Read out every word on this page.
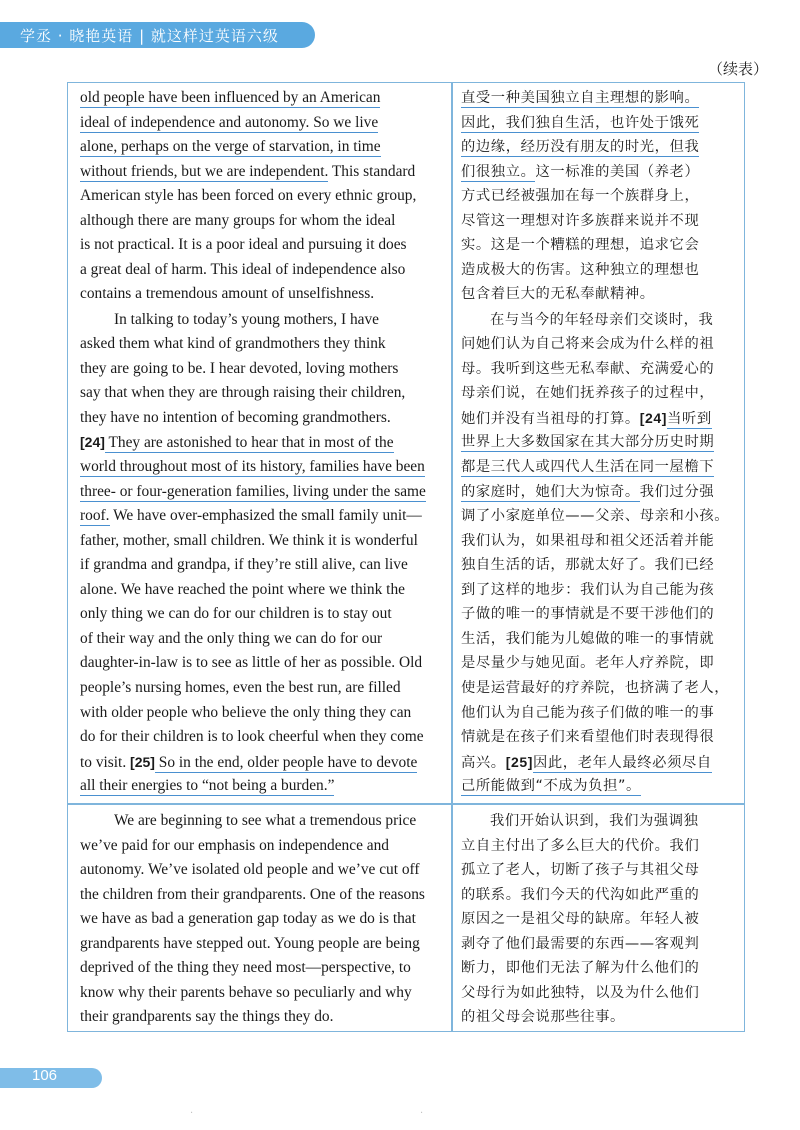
学丞 · 晓艳英语 | 就这样过英语六级
（续表）
old people have been influenced by an American
ideal of independence and autonomy. So we live
alone, perhaps on the verge of starvation, in time
without friends, but we are independent. This standard
American style has been forced on every ethnic group,
although there are many groups for whom the ideal
is not practical. It is a poor ideal and pursuing it does
a great deal of harm. This ideal of independence also
contains a tremendous amount of unselfishness.
In talking to today’s young mothers, I have
asked them what kind of grandmothers they think
they are going to be. I hear devoted, loving mothers
say that when they are through raising their children,
they have no intention of becoming grandmothers.
[24] They are astonished to hear that in most of the
world throughout most of its history, families have been
three- or four-generation families, living under the same
roof. We have over-emphasized the small family unit—
father, mother, small children. We think it is wonderful
if grandma and grandpa, if they’re still alive, can live
alone. We have reached the point where we think the
only thing we can do for our children is to stay out
of their way and the only thing we can do for our
daughter-in-law is to see as little of her as possible. Old
people’s nursing homes, even the best run, are filled
with older people who believe the only thing they can
do for their children is to look cheerful when they come
to visit. [25] So in the end, older people have to devote
all their energies to “not being a burden.”
We are beginning to see what a tremendous price
we’ve paid for our emphasis on independence and
autonomy. We’ve isolated old people and we’ve cut off
the children from their grandparents. One of the reasons
we have as bad a generation gap today as we do is that
grandparents have stepped out. Young people are being
deprived of the thing they need most—perspective, to
know why their parents behave so peculiarly and why
their grandparents say the things they do.
直受一种美国独立自主理想的影响。
因此，我们独自生活，也许处于饿死
的边缘，经历没有朋友的时光，但我
们很独立。这一标准的美国（养老）
方式已经被强加在每一个族群身上，
尽管这一理想对许多族群来说并不现
实。这是一个糟糕的理想，追求它会
造成极大的伤害。这种独立的理想也
包含着巨大的无私奉献精神。
在与当今的年轻母亲们交谈时，我
问她们认为自己将来会成为什么样的祖
母。我听到这些无私奉献、充满爱心的
母亲们说，在她们抚养孩子的过程中，
她们并没有当祖母的打算。[24]当听到
世界上大多数国家在其大部分历史时期
都是三代人或四代人生活在同一屋檐下
的家庭时，她们大为惊奇。我们过分强
调了小家庭单位——父亲、母亲和小孩。
我们认为，如果祖母和祖父还活着并能
独自生活的话，那就太好了。我们已经
到了这样的地步：我们认为自己能为孩
子做的唯一的事情就是不要干涉他们的
生活，我们能为儿媳做的唯一的事情就
是尽量少与她见面。老年人疗养院，即
使是运营最好的疗养院，也挤满了老人，
他们认为自己能为孩子们做的唯一的事
情就是在孩子们来看望他们时表现得很
高兴。[25]因此，老年人最终必须尽自
己所能做到“不成为负担”。
我们开始认识到，我们为强调独
立自主付出了多么巨大的代价。我们
孤立了老人，切断了孩子与其祖父母
的联系。我们今天的代沟如此严重的
原因之一是祖父母的缺席。年轻人被
剥夺了他们最需要的东西——客观判
断力，即他们无法了解为什么他们的
父母行为如此独特，以及为什么他们
的祖父母会说那些往事。
106
·	·
